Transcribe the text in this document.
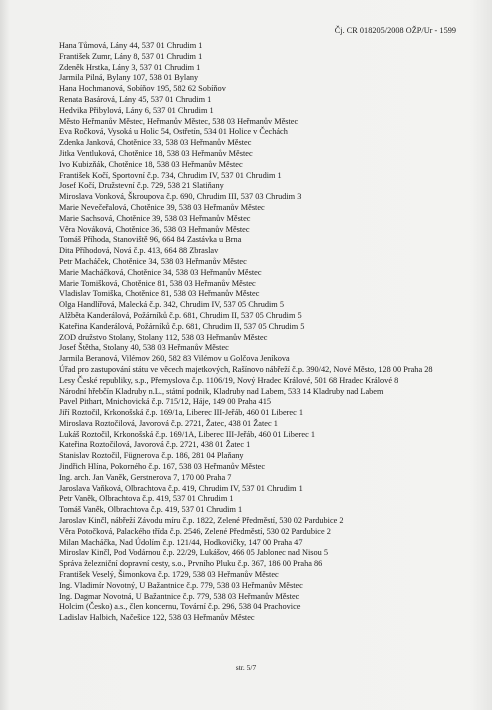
Čj. CR 018205/2008 OŽP/Ur - 1599
Hana Tůmová, Lány 44, 537 01 Chrudim 1
František Zumr, Lány 8, 537 01 Chrudim 1
Zdeněk Hrstka, Lány 3, 537 01 Chrudim 1
Jarmila Pilná, Bylany 107, 538 01 Bylany
Hana Hochmanová, Sobíňov 195, 582 62 Sobíňov
Renata Basárová, Lány 45, 537 01 Chrudim 1
Hedvika Přibylová, Lány 6, 537 01 Chrudim 1
Město Heřmanův Městec, Heřmanův Městec, 538 03 Heřmanův Městec
Eva Ročková, Vysoká u Holic 54, Ostřetín, 534 01 Holice v Čechách
Zdenka Janková, Chotěnice 33, 538 03 Heřmanův Městec
Jitka Ventluková, Chotěnice 18, 538 03 Heřmanův Městec
Ivo Kubizňák, Chotěnice 18, 538 03 Heřmanův Městec
František Kočí, Sportovní č.p. 734, Chrudim IV, 537 01 Chrudim 1
Josef Kočí, Družstevní č.p. 729, 538 21 Slatiňany
Miroslava Vonková, Škroupova č.p. 690, Chrudim III, 537 03 Chrudim 3
Marie Nevečeřalová, Chotěnice 39, 538 03 Heřmanův Městec
Marie Sachsová, Chotěnice 39, 538 03 Heřmanův Městec
Věra Nováková, Chotěnice 36, 538 03 Heřmanův Městec
Tomáš Příhoda, Stanoviště 96, 664 84 Zastávka u Brna
Dita Příhodová, Nová č.p. 413, 664 88 Zbraslav
Petr Macháček, Chotěnice 34, 538 03 Heřmanův Městec
Marie Macháčková, Chotěnice 34, 538 03 Heřmanův Městec
Marie Tomišková, Chotěnice 81, 538 03 Heřmanův Městec
Vladislav Tomiška, Chotěnice 81, 538 03 Heřmanův Městec
Olga Handlířová, Malecká č.p. 342, Chrudim IV, 537 05 Chrudim 5
Alžběta Kanderálová, Požárníků č.p. 681, Chrudim II, 537 05 Chrudim 5
Kateřina Kanderálová, Požárníků č.p. 681, Chrudim II, 537 05 Chrudim 5
ZOD družstvo Stolany, Stolany 112, 538 03 Heřmanův Městec
Josef Štětha, Stolany 40, 538 03 Heřmanův Městec
Jarmila Beranová, Vilémov 260, 582 83 Vilémov u Golčova Jeníkova
Úřad pro zastupování státu ve věcech majetkových, Rašínovo nábřeží č.p. 390/42, Nové Město, 128 00 Praha 28
Lesy České republiky, s.p., Přemyslova č.p. 1106/19, Nový Hradec Králové, 501 68 Hradec Králové 8
Národní hřebčín Kladruby n.L., státní podnik, Kladruby nad Labem, 533 14 Kladruby nad Labem
Pavel Pithart, Mnichovická č.p. 715/12, Háje, 149 00 Praha 415
Jiří Roztočil, Krkonošská č.p. 169/1a, Liberec III-Jeřáb, 460 01 Liberec 1
Miroslava Roztočilová, Javorová č.p. 2721, Žatec, 438 01 Žatec 1
Lukáš Roztočil, Krkonošská č.p. 169/1A, Liberec III-Jeřáb, 460 01 Liberec 1
Kateřina Roztočilová, Javorová č.p. 2721, 438 01 Žatec 1
Stanislav Roztočil, Fügnerova č.p. 186, 281 04 Plaňany
Jindřich Hlína, Pokorného č.p. 167, 538 03 Heřmanův Městec
Ing. arch. Jan Vaněk, Gerstnerova 7, 170 00 Praha 7
Jaroslava Vaňková, Olbrachtova č.p. 419, Chrudim IV, 537 01 Chrudim 1
Petr Vaněk, Olbrachtova č.p. 419, 537 01 Chrudim 1
Tomáš Vaněk, Olbrachtova č.p. 419, 537 01 Chrudim 1
Jaroslav Kinčl, nábřeží Závodu míru č.p. 1822, Zelené Předměstí, 530 02 Pardubice 2
Věra Potočková, Palackého třída č.p. 2546, Zelené Předměstí, 530 02 Pardubice 2
Milan Macháčka, Nad Údolím č.p. 121/44, Hodkovičky, 147 00 Praha 47
Miroslav Kinčl, Pod Vodárnou č.p. 22/29, Lukášov, 466 05 Jablonec nad Nisou 5
Správa železniční dopravní cesty, s.o., Prvního Pluku č.p. 367, 186 00 Praha 86
František Veselý, Šimonkova č.p. 1729, 538 03 Heřmanův Městec
Ing. Vladimír Novotný, U Bažantnice č.p. 779, 538 03 Heřmanův Městec
Ing. Dagmar Novotná, U Bažantnice č.p. 779, 538 03 Heřmanův Městec
Holcim (Česko) a.s., člen koncernu, Tovární č.p. 296, 538 04 Prachovice
Ladislav Halbich, Načešice 122, 538 03 Heřmanův Městec
str. 5/7
